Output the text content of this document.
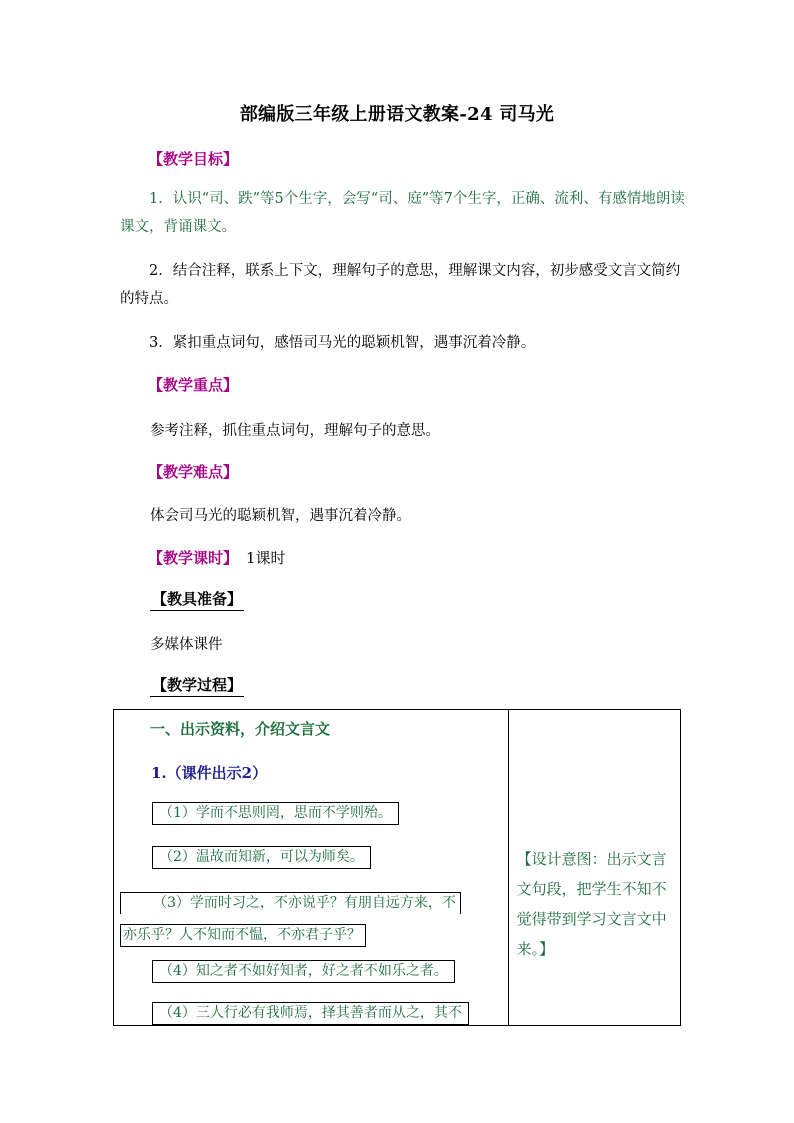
部编版三年级上册语文教案-24 司马光
【教学目标】
1．认识“司、跌”等5个生字，会写“司、庭”等7个生字，正确、流利、有感情地朗读课文，背诵课文。
2．结合注释，联系上下文，理解句子的意思，理解课文内容，初步感受文言文简约的特点。
3．紧扣重点词句，感悟司马光的聪颖机智，遇事沉着冷静。
【教学重点】
参考注释，抓住重点词句，理解句子的意思。
【教学难点】
体会司马光的聪颖机智，遇事沉着冷静。
【教学课时】 1课时
【教具准备】
多媒体课件
【教学过程】
一、出示资料，介绍文言文
1.（课件出示2）
（1）学而不思则罔，思而不学则殆。
（2）温故而知新，可以为师矣。
（3）学而时习之，不亦说乎？有朋自远方来，不
亦乐乎？人不知而不愠，不亦君子乎？
（4）知之者不如好知者，好之者不如乐之者。
（4）三人行必有我师焉，择其善者而从之，其不

【设计意图：出示文言文句段，把学生不知不觉得带到学习文言文中来。】
